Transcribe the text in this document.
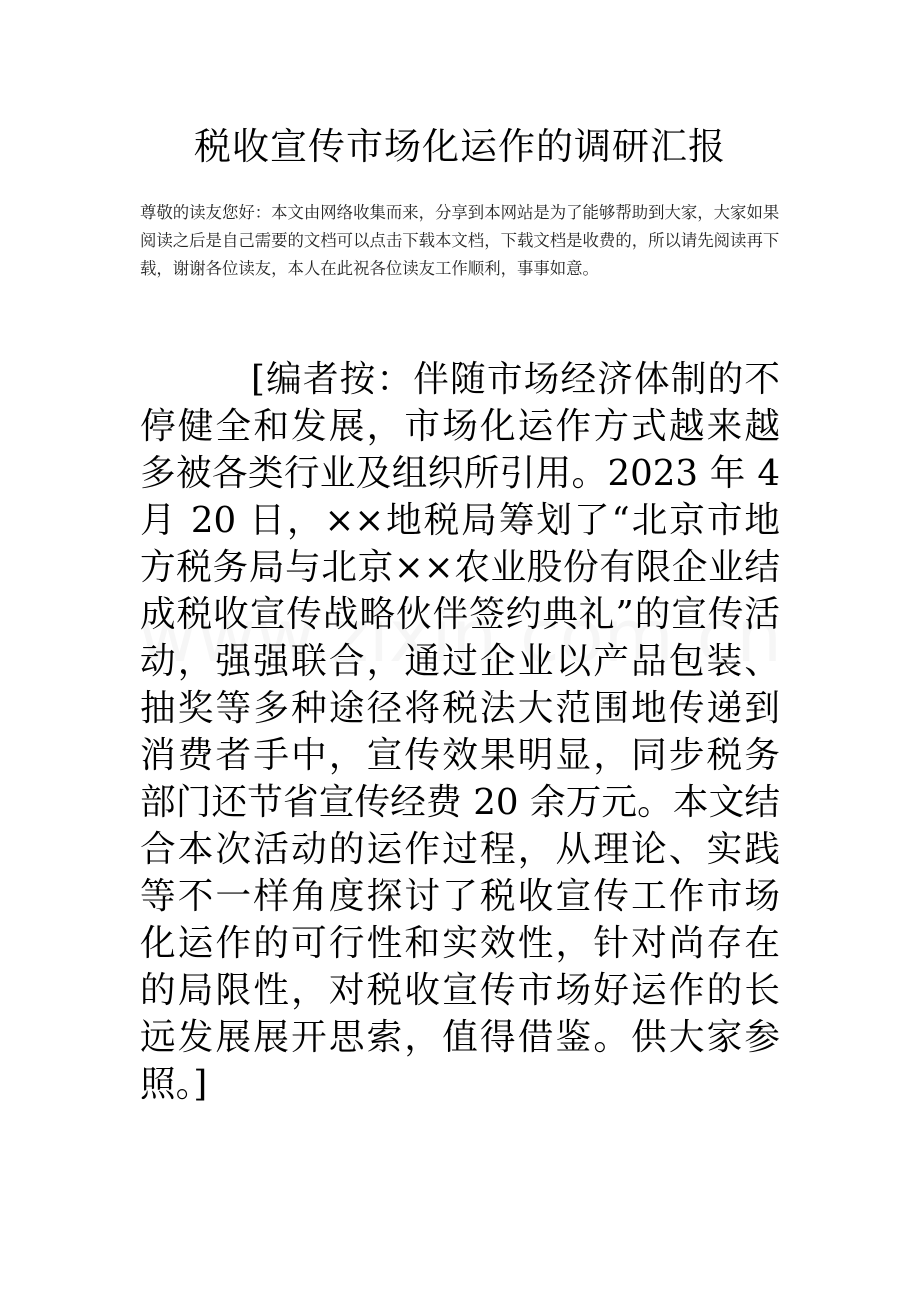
税收宣传市场化运作的调研汇报

尊敬的读友您好：本文由网络收集而来，分享到本网站是为了能够帮助到大家，大家如果阅读之后是自己需要的文档可以点击下载本文档，下载文档是收费的，所以请先阅读再下载，谢谢各位读友，本人在此祝各位读友工作顺利，事事如意。

[编者按：伴随市场经济体制的不停健全和发展，市场化运作方式越来越多被各类行业及组织所引用。2023 年 4 月 20 日，××地税局筹划了“北京市地方税务局与北京××农业股份有限企业结成税收宣传战略伙伴签约典礼”的宣传活动，强强联合，通过企业以产品包装、抽奖等多种途径将税法大范围地传递到消费者手中，宣传效果明显，同步税务部门还节省宣传经费 20 余万元。本文结合本次活动的运作过程，从理论、实践等不一样角度探讨了税收宣传工作市场化运作的可行性和实效性，针对尚存在的局限性，对税收宣传市场好运作的长远发展展开思索，值得借鉴。供大家参照。]
